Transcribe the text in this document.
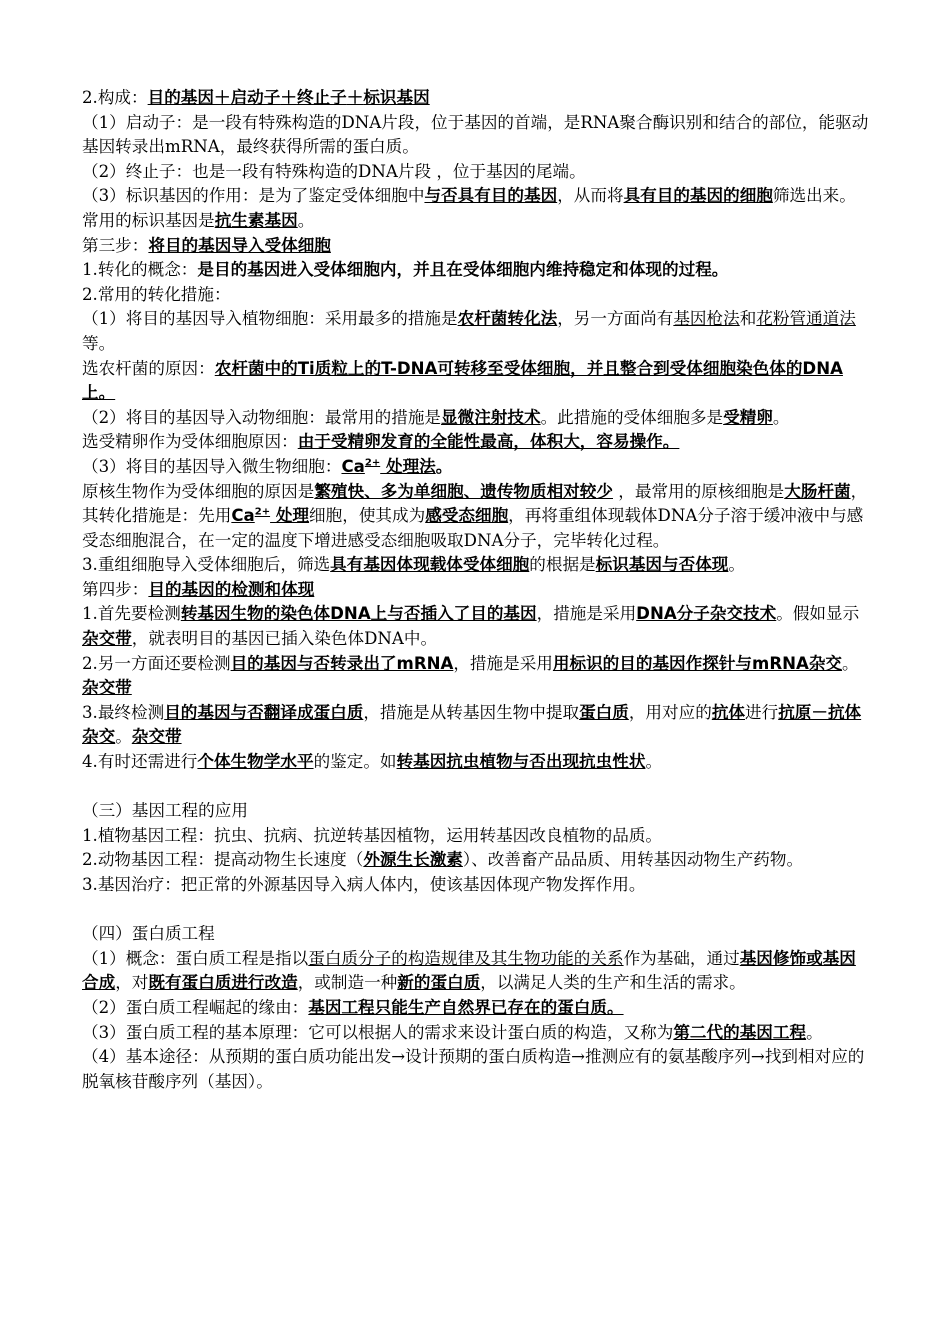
2.构成：目的基因＋启动子＋终止子＋标识基因

（1）启动子：是一段有特殊构造的DNA片段，位于基因的首端，是RNA聚合酶识别和结合的部位，能驱动基因转录出mRNA，最终获得所需的蛋白质。

（2）终止子：也是一段有特殊构造的DNA片段 ，位于基因的尾端。

（3）标识基因的作用：是为了鉴定受体细胞中与否具有目的基因，从而将具有目的基因的细胞筛选出来。常用的标识基因是抗生素基因。

第三步：将目的基因导入受体细胞

1.转化的概念：是目的基因进入受体细胞内，并且在受体细胞内维持稳定和体现的过程。

2.常用的转化措施：

（1）将目的基因导入植物细胞：采用最多的措施是农杆菌转化法，另一方面尚有基因枪法和花粉管通道法等。

选农杆菌的原因：农杆菌中的Ti质粒上的T-DNA可转移至受体细胞，并且整合到受体细胞染色体的DNA上。

（2）将目的基因导入动物细胞：最常用的措施是显微注射技术。此措施的受体细胞多是受精卵。

选受精卵作为受体细胞原因：由于受精卵发育的全能性最高，体积大，容易操作。

（3）将目的基因导入微生物细胞：$Ca^{2+}$ 处理法。

原核生物作为受体细胞的原因是繁殖快、多为单细胞、遗传物质相对较少 ，最常用的原核细胞是大肠杆菌，其转化措施是：先用$Ca^{2+}$ 处理细胞，使其成为感受态细胞，再将重组体现载体DNA分子溶于缓冲液中与感受态细胞混合，在一定的温度下增进感受态细胞吸取DNA分子，完毕转化过程。

3.重组细胞导入受体细胞后，筛选具有基因体现载体受体细胞的根据是标识基因与否体现。

第四步：目的基因的检测和体现

1.首先要检测转基因生物的染色体DNA上与否插入了目的基因，措施是采用DNA分子杂交技术。假如显示杂交带，就表明目的基因已插入染色体DNA中。

2.另一方面还要检测目的基因与否转录出了mRNA，措施是采用用标识的目的基因作探针与mRNA杂交。杂交带

3.最终检测目的基因与否翻译成蛋白质，措施是从转基因生物中提取蛋白质，用对应的抗体进行抗原－抗体杂交。杂交带

4.有时还需进行个体生物学水平的鉴定。如转基因抗虫植物与否出现抗虫性状。

（三）基因工程的应用

1.植物基因工程：抗虫、抗病、抗逆转基因植物，运用转基因改良植物的品质。

2.动物基因工程：提高动物生长速度（外源生长激素）、改善畜产品品质、用转基因动物生产药物。

3.基因治疗：把正常的外源基因导入病人体内，使该基因体现产物发挥作用。

（四）蛋白质工程

（1）概念：蛋白质工程是指以蛋白质分子的构造规律及其生物功能的关系作为基础，通过基因修饰或基因合成，对既有蛋白质进行改造，或制造一种新的蛋白质，以满足人类的生产和生活的需求。

（2）蛋白质工程崛起的缘由：基因工程只能生产自然界已存在的蛋白质。

（3）蛋白质工程的基本原理：它可以根据人的需求来设计蛋白质的构造，又称为第二代的基因工程。

（4）基本途径：从预期的蛋白质功能出发→设计预期的蛋白质构造→推测应有的氨基酸序列→找到相对应的脱氧核苷酸序列（基因）。
